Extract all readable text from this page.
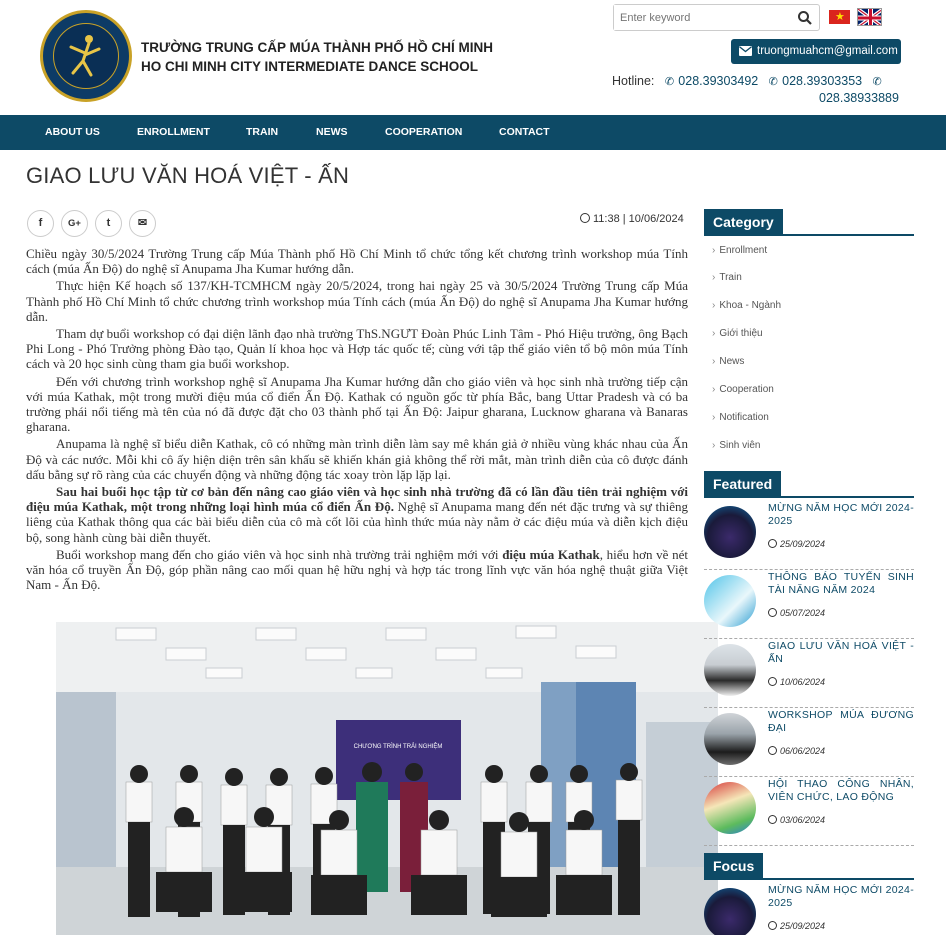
TRƯỜNG TRUNG CẤP MÚA THÀNH PHỐ HỒ CHÍ MINH
HO CHI MINH CITY INTERMEDIATE DANCE SCHOOL
Enter keyword
★
truongmuahcm@gmail.com
Hotline: ✆ 028.39303492 ✆ 028.39303353 ✆
028.38933889
ABOUT US	ENROLLMENT	TRAIN	NEWS	COOPERATION	CONTACT
GIAO LƯU VĂN HOÁ VIỆT - ẤN
f	G+	t	✉	11:38 | 10/06/2024

Chiều ngày 30/5/2024 Trường Trung cấp Múa Thành phố Hồ Chí Minh tổ chức tổng kết chương trình workshop múa Tính cách (múa Ấn Độ) do nghệ sĩ Anupama Jha Kumar hướng dẫn.

Thực hiện Kế hoạch số 137/KH-TCMHCM ngày 20/5/2024, trong hai ngày 25 và 30/5/2024 Trường Trung cấp Múa Thành phố Hồ Chí Minh tổ chức chương trình workshop múa Tính cách (múa Ấn Độ) do nghệ sĩ Anupama Jha Kumar hướng dẫn.

Tham dự buổi workshop có đại diện lãnh đạo nhà trường ThS.NGƯT Đoàn Phúc Linh Tâm - Phó Hiệu trưởng, ông Bạch Phi Long - Phó Trưởng phòng Đào tạo, Quản lí khoa học và Hợp tác quốc tế; cùng với tập thể giáo viên tổ bộ môn múa Tính cách và 20 học sinh cùng tham gia buổi workshop.

Đến với chương trình workshop nghệ sĩ Anupama Jha Kumar hướng dẫn cho giáo viên và học sinh nhà trường tiếp cận với múa Kathak, một trong mười điệu múa cổ điển Ấn Độ. Kathak có nguồn gốc từ phía Bắc, bang Uttar Pradesh và có ba trường phái nổi tiếng mà tên của nó đã được đặt cho 03 thành phố tại Ấn Độ: Jaipur gharana, Lucknow gharana và Banaras gharana.

Anupama là nghệ sĩ biểu diễn Kathak, cô có những màn trình diễn làm say mê khán giả ở nhiều vùng khác nhau của Ấn Độ và các nước. Mỗi khi cô ấy hiện diện trên sân khấu sẽ khiến khán giả không thể rời mắt, màn trình diễn của cô được đánh dấu bằng sự rõ ràng của các chuyển động và những động tác xoay tròn lặp lặp lại.

Sau hai buổi học tập từ cơ bản đến nâng cao giáo viên và học sinh nhà trường đã có lần đầu tiên trải nghiệm với điệu múa Kathak, một trong những loại hình múa cổ điển Ấn Độ. Nghệ sĩ Anupama mang đến nét đặc trưng và sự thiêng liêng của Kathak thông qua các bài biểu diễn của cô mà cốt lõi của hình thức múa này nằm ở các điệu múa và diễn kịch điệu bộ, song hành cùng bài diễn thuyết.

Buổi workshop mang đến cho giáo viên và học sinh nhà trường trải nghiệm mới với điệu múa Kathak, hiểu hơn về nét văn hóa cổ truyền Ấn Độ, góp phần nâng cao mối quan hệ hữu nghị và hợp tác trong lĩnh vực văn hóa nghệ thuật giữa Việt Nam - Ấn Độ.

CHƯƠNG TRÌNH TRẢI NGHIỆM
Category
› Enrollment
› Train
› Khoa - Ngành
› Giới thiệu
› News
› Cooperation
› Notification
› Sinh viên
Featured
MỪNG NĂM HỌC MỚI 2024-2025
25/09/2024
THÔNG BÁO TUYỂN SINH TÀI NĂNG NĂM 2024
05/07/2024
GIAO LƯU VĂN HOÁ VIỆT - ẤN
10/06/2024
WORKSHOP MÚA ĐƯƠNG ĐẠI
06/06/2024
HỘI THAO CÔNG NHÂN, VIÊN CHỨC, LAO ĐỘNG
03/06/2024
Focus
MỪNG NĂM HỌC MỚI 2024-2025
25/09/2024
